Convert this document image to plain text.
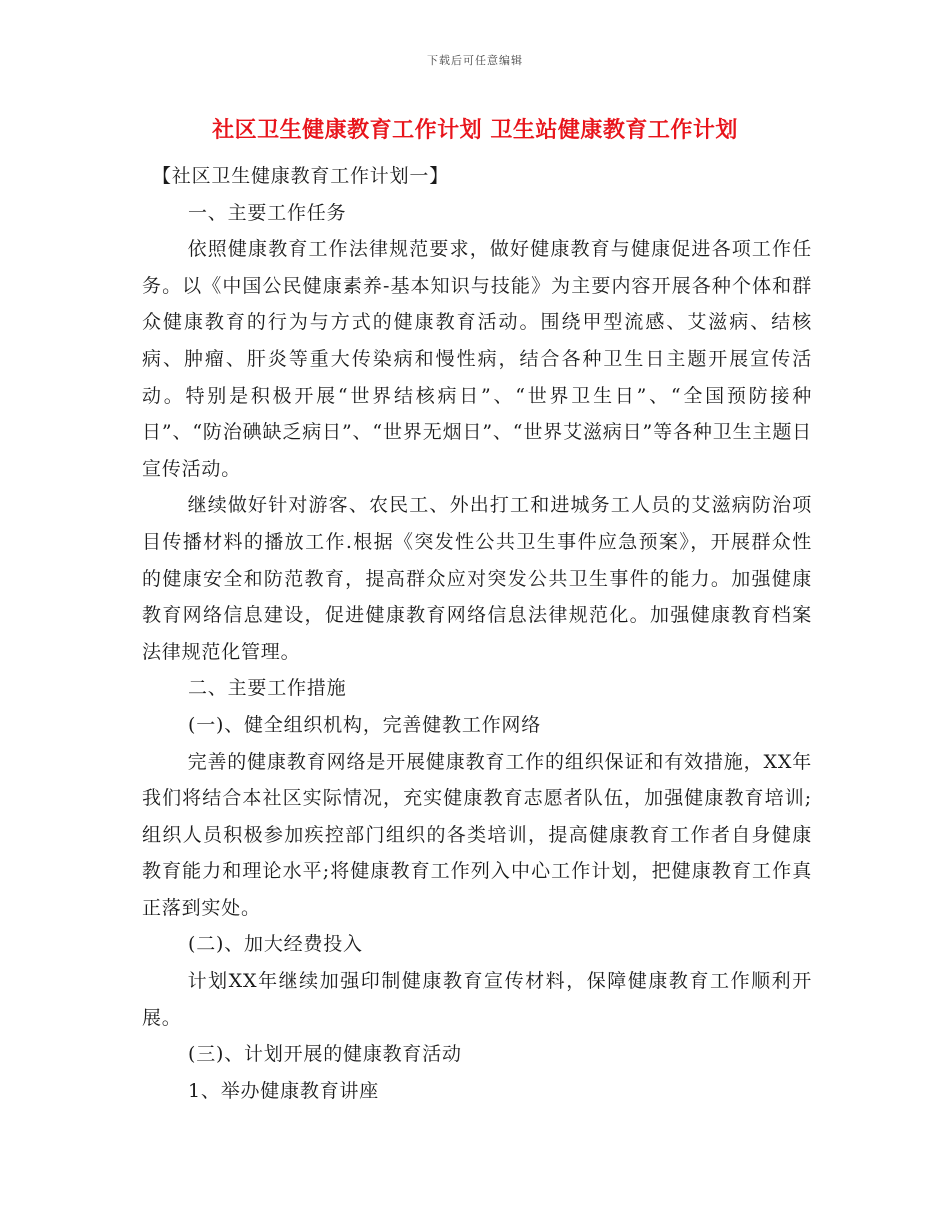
下载后可任意编辑
社区卫生健康教育工作计划 卫生站健康教育工作计划

【社区卫生健康教育工作计划一】

一、主要工作任务

依照健康教育工作法律规范要求，做好健康教育与健康促进各项工作任务。以《中国公民健康素养-基本知识与技能》为主要内容开展各种个体和群众健康教育的行为与方式的健康教育活动。围绕甲型流感、艾滋病、结核病、肿瘤、肝炎等重大传染病和慢性病，结合各种卫生日主题开展宣传活动。特别是积极开展“世界结核病日”、“世界卫生日”、“全国预防接种日”、“防治碘缺乏病日”、“世界无烟日”、“世界艾滋病日”等各种卫生主题日宣传活动。

继续做好针对游客、农民工、外出打工和进城务工人员的艾滋病防治项目传播材料的播放工作.根据《突发性公共卫生事件应急预案》，开展群众性的健康安全和防范教育，提高群众应对突发公共卫生事件的能力。加强健康教育网络信息建设，促进健康教育网络信息法律规范化。加强健康教育档案法律规范化管理。

二、主要工作措施

(一)、健全组织机构，完善健教工作网络

完善的健康教育网络是开展健康教育工作的组织保证和有效措施，XX年我们将结合本社区实际情况，充实健康教育志愿者队伍，加强健康教育培训;组织人员积极参加疾控部门组织的各类培训，提高健康教育工作者自身健康教育能力和理论水平;将健康教育工作列入中心工作计划，把健康教育工作真正落到实处。

(二)、加大经费投入

计划XX年继续加强印制健康教育宣传材料，保障健康教育工作顺利开展。

(三)、计划开展的健康教育活动

1、举办健康教育讲座
